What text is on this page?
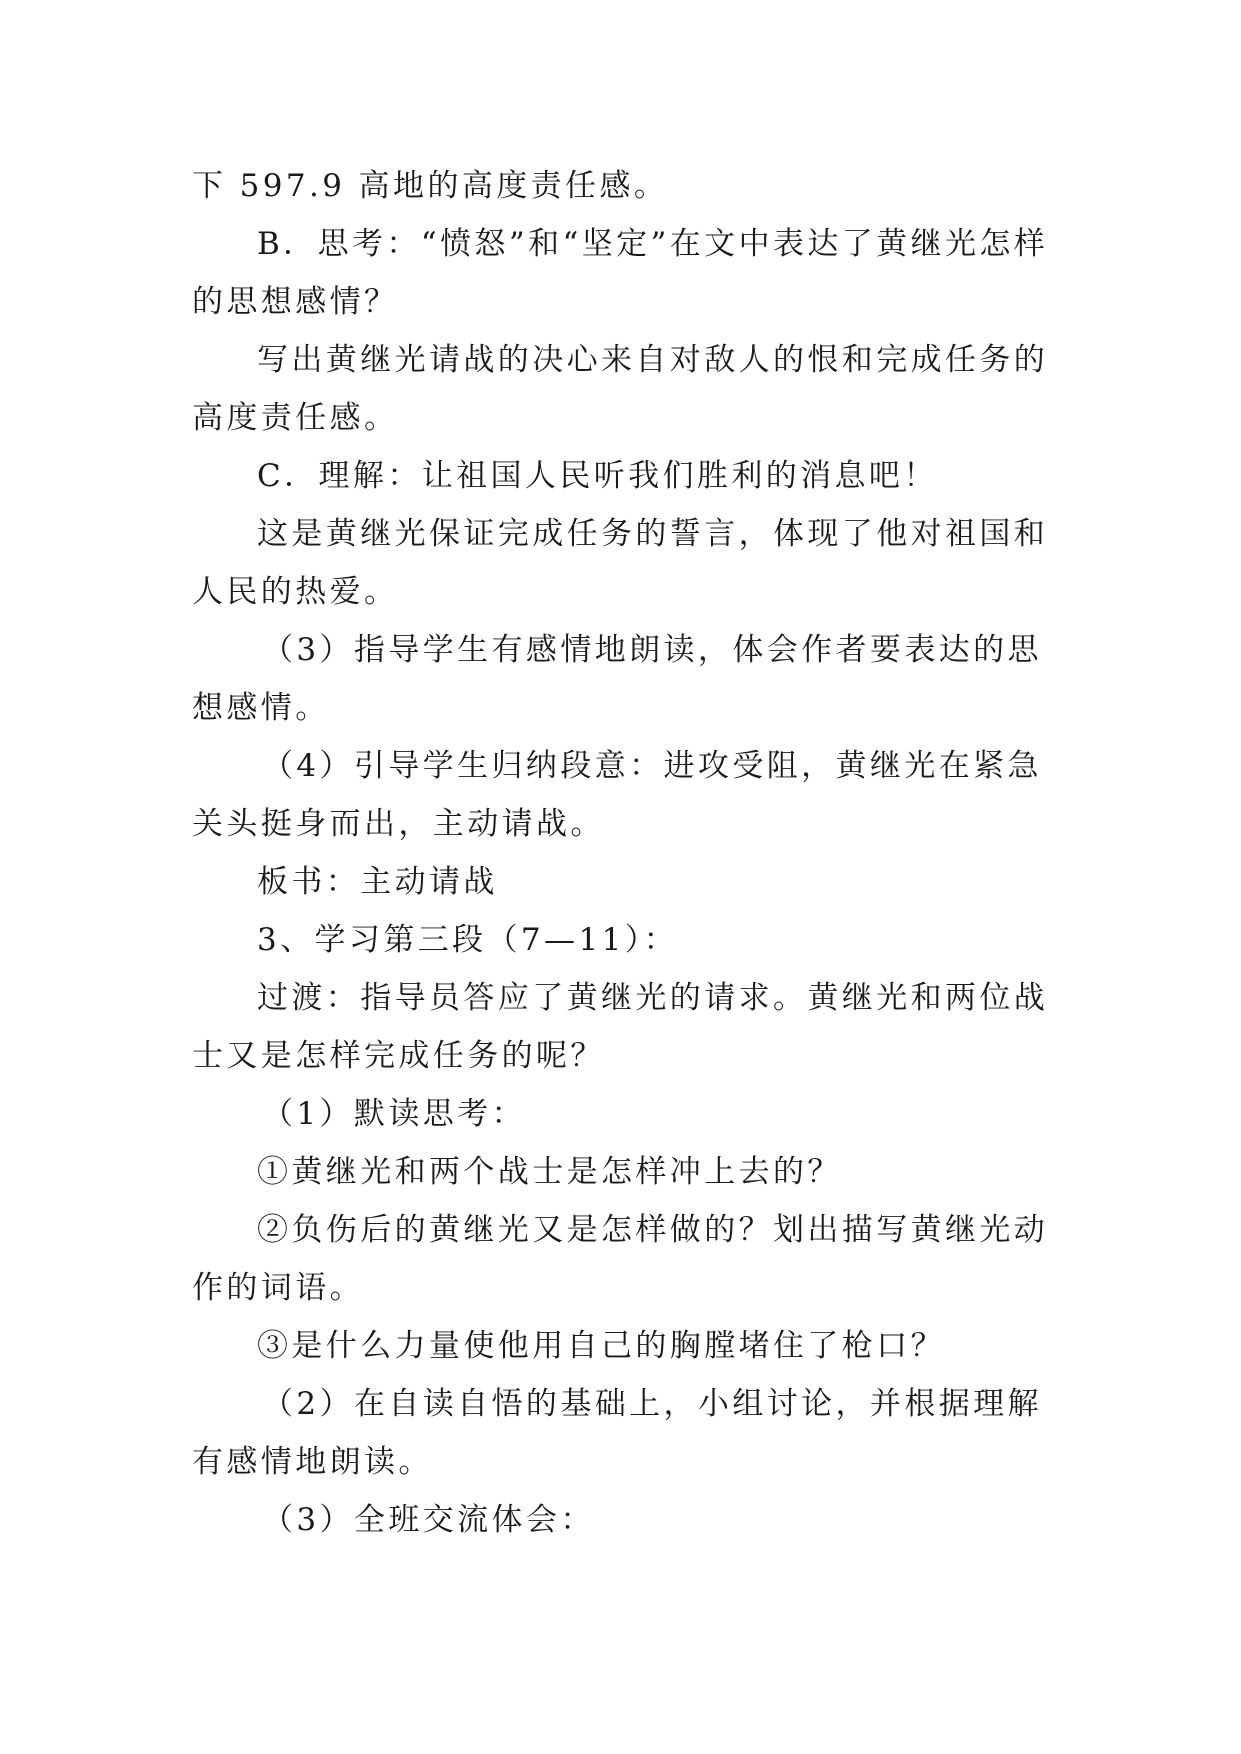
下 597.9 高地的高度责任感。

B．思考：“愤怒”和“坚定”在文中表达了黄继光怎样的思想感情？

写出黄继光请战的决心来自对敌人的恨和完成任务的高度责任感。

C．理解：让祖国人民听我们胜利的消息吧！

这是黄继光保证完成任务的誓言，体现了他对祖国和人民的热爱。

（3）指导学生有感情地朗读，体会作者要表达的思想感情。

（4）引导学生归纳段意：进攻受阻，黄继光在紧急关头挺身而出，主动请战。

板书：主动请战

3、学习第三段（7—11）：

过渡：指导员答应了黄继光的请求。黄继光和两位战士又是怎样完成任务的呢？

（1）默读思考：

①黄继光和两个战士是怎样冲上去的？

②负伤后的黄继光又是怎样做的？划出描写黄继光动作的词语。

③是什么力量使他用自己的胸膛堵住了枪口？

（2）在自读自悟的基础上，小组讨论，并根据理解有感情地朗读。

（3）全班交流体会：
